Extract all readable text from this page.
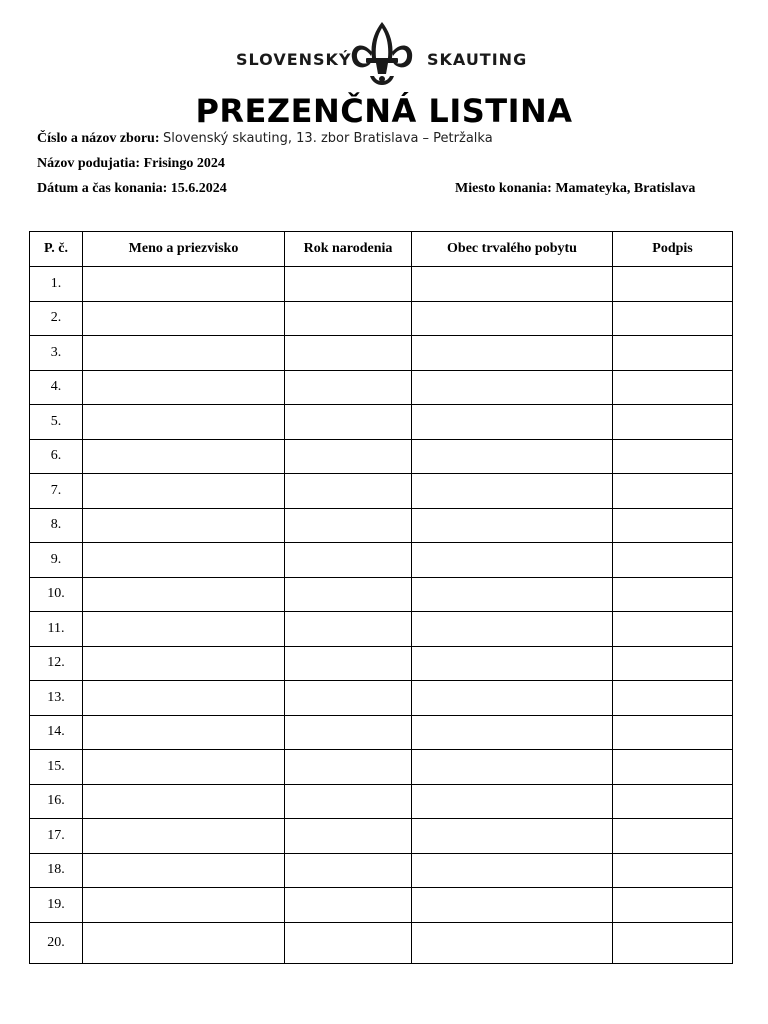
SLOVENSKÝ	SKAUTING
PREZENČNÁ LISTINA
Číslo a názov zboru: Slovenský skauting, 13. zbor Bratislava – Petržalka
Názov podujatia: Frisingo 2024
Dátum a čas konania: 15.6.2024	Miesto konania: Mamateyka, Bratislava
P. č.	Meno a priezvisko	Rok narodenia	Obec trvalého pobytu	Podpis
1.				
2.				
3.				
4.				
5.				
6.				
7.				
8.				
9.				
10.				
11.				
12.				
13.				
14.				
15.				
16.				
17.				
18.				
19.				
20.				
